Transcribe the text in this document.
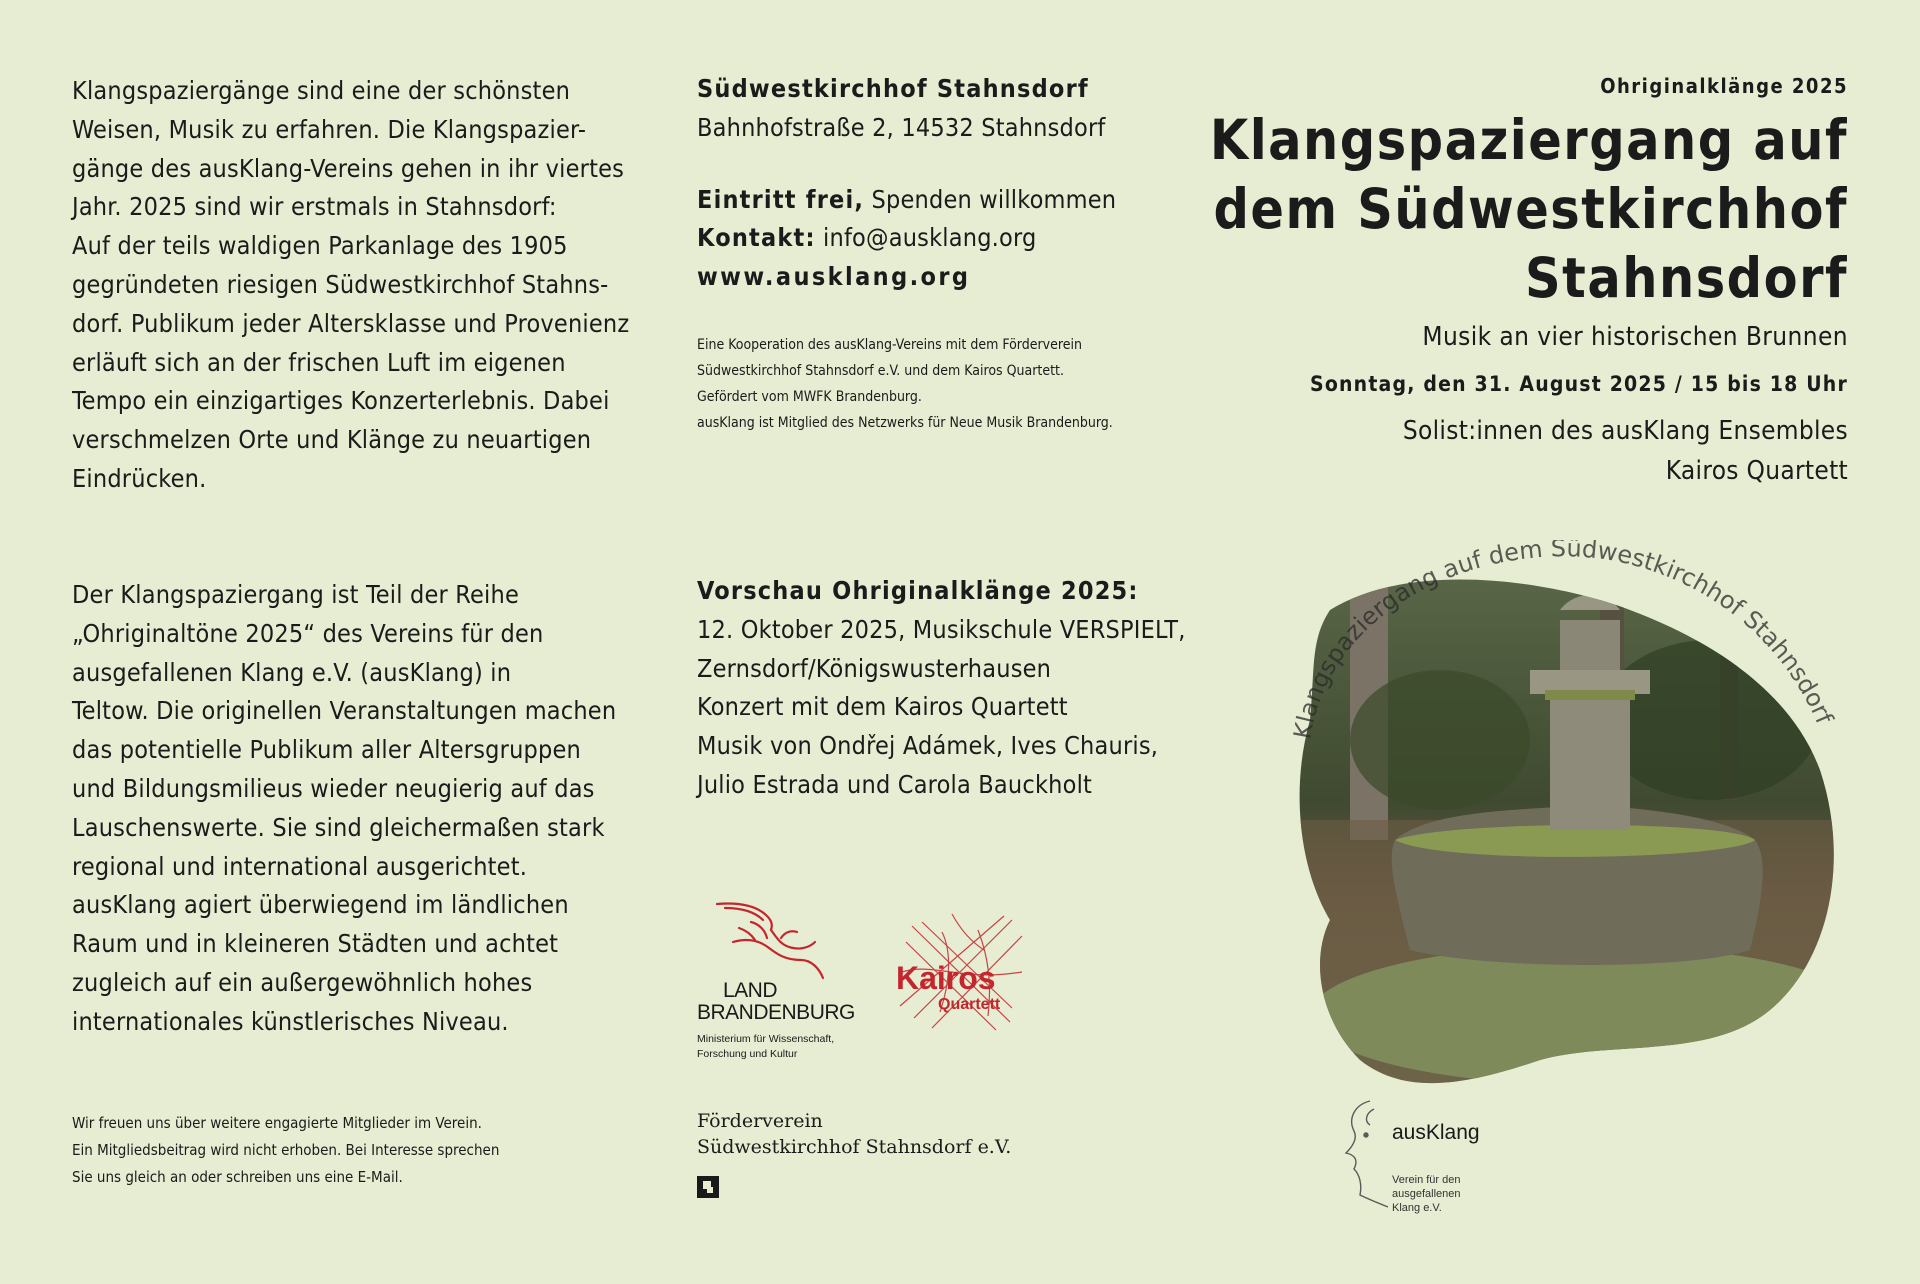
Klangspaziergänge sind eine der schönsten
Weisen, Musik zu erfahren. Die Klangspazier-
gänge des ausKlang-Vereins gehen in ihr viertes
Jahr. 2025 sind wir erstmals in Stahnsdorf:
Auf der teils waldigen Parkanlage des 1905
gegründeten riesigen Südwestkirchhof Stahns-
dorf. Publikum jeder Altersklasse und Provenienz
erläuft sich an der frischen Luft im eigenen
Tempo ein einzigartiges Konzerterlebnis. Dabei
verschmelzen Orte und Klänge zu neuartigen
Eindrücken.
Der Klangspaziergang ist Teil der Reihe
„Ohriginaltöne 2025“ des Vereins für den
ausgefallenen Klang e.V. (ausKlang) in
Teltow. Die originellen Veranstaltungen machen
das potentielle Publikum aller Altersgruppen
und Bildungsmilieus wieder neugierig auf das
Lauschenswerte. Sie sind gleichermaßen stark
regional und international ausgerichtet.
ausKlang agiert überwiegend im ländlichen
Raum und in kleineren Städten und achtet
zugleich auf ein außergewöhnlich hohes
internationales künstlerisches Niveau.
Wir freuen uns über weitere engagierte Mitglieder im Verein.
Ein Mitgliedsbeitrag wird nicht erhoben. Bei Interesse sprechen
Sie uns gleich an oder schreiben uns eine E-Mail.
Südwestkirchhof Stahnsdorf
Bahnhofstraße 2, 14532 Stahnsdorf
Eintritt frei, Spenden willkommen
Kontakt: info@ausklang.org
www.ausklang.org
Eine Kooperation des ausKlang-Vereins mit dem Förderverein
Südwestkirchhof Stahnsdorf e.V. und dem Kairos Quartett.
Gefördert vom MWFK Brandenburg.
ausKlang ist Mitglied des Netzwerks für Neue Musik Brandenburg.
Vorschau Ohriginalklänge 2025:
12. Oktober 2025, Musikschule VERSPIELT,
Zernsdorf/Königswusterhausen
Konzert mit dem Kairos Quartett
Musik von Ondřej Adámek, Ives Chauris,
Julio Estrada und Carola Bauckholt
LAND
BRANDENBURG
Ministerium für Wissenschaft,
Forschung und Kultur
Kairos
Quartett
Förderverein
Südwestkirchhof Stahnsdorf e.V.
Ohriginalklänge 2025
Klangspaziergang auf
dem Südwestkirchhof
Stahnsdorf
Musik an vier historischen Brunnen
Sonntag, den 31. August 2025 / 15 bis 18 Uhr
Solist:innen des ausKlang Ensembles
Kairos Quartett
Klangspaziergang auf dem Südwestkirchhof Stahnsdorf
ausKlang
Verein für den
ausgefallenen
Klang e.V.
